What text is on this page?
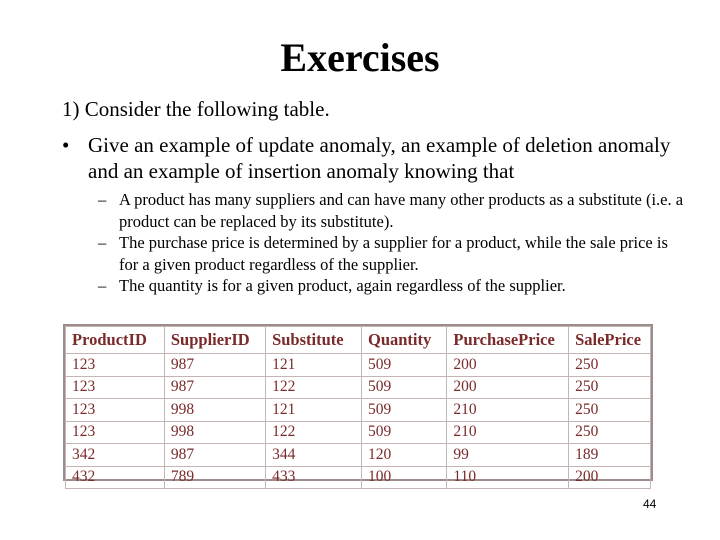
Exercises
1) Consider the following table.
• Give an example of update anomaly, an example of deletion anomaly and an example of insertion anomaly knowing that
– A product has many suppliers and can have many other products as a substitute (i.e. a product can be replaced by its substitute).
– The purchase price is determined by a supplier for a product, while the sale price is for a given product regardless of the supplier.
– The quantity is for a given product, again regardless of the supplier.
ProductID	SupplierID	Substitute	Quantity	PurchasePrice	SalePrice
123	987	121	509	200	250
123	987	122	509	200	250
123	998	121	509	210	250
123	998	122	509	210	250
342	987	344	120	99	189
432	789	433	100	110	200
44
